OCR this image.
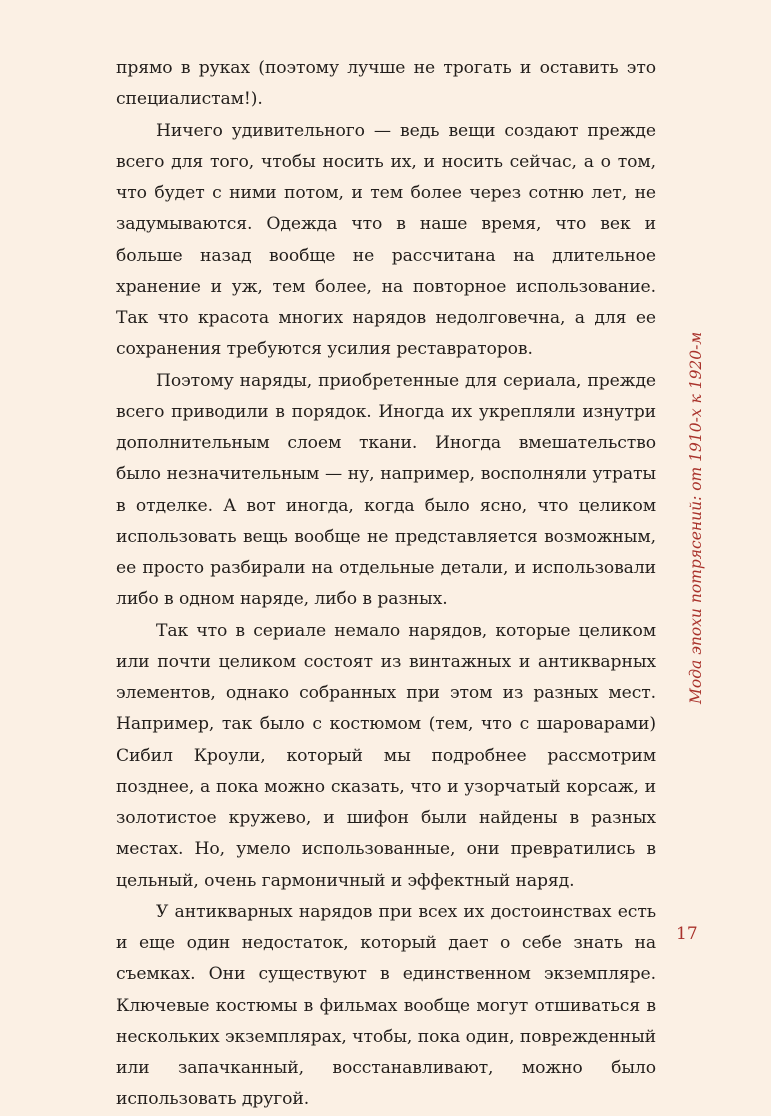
прямо в руках (поэтому лучше не трогать и оставить это специалистам!).

Ничего удивительного — ведь вещи создают прежде всего для того, чтобы носить их, и носить сейчас, а о том, что будет с ними потом, и тем более через сотню лет, не задумываются. Одежда что в наше время, что век и больше назад вообще не рассчитана на длительное хранение и уж, тем более, на повторное использование. Так что красота многих нарядов недолговечна, а для ее сохранения требуются усилия реставраторов.

Поэтому наряды, приобретенные для сериала, прежде всего приводили в порядок. Иногда их укрепляли изнутри дополнительным слоем ткани. Иногда вмешательство было незначительным — ну, например, восполняли утраты в отделке. А вот иногда, когда было ясно, что целиком использовать вещь вообще не представляется возможным, ее просто разбирали на отдельные детали, и использовали либо в одном наряде, либо в разных.

Так что в сериале немало нарядов, которые целиком или почти целиком состоят из винтажных и антикварных элементов, однако собранных при этом из разных мест. Например, так было с костюмом (тем, что с шароварами) Сибил Кроули, который мы подробнее рассмотрим позднее, а пока можно сказать, что и узорчатый корсаж, и золотистое кружево, и шифон были найдены в разных местах. Но, умело использованные, они превратились в цельный, очень гармоничный и эффектный наряд.

У антикварных нарядов при всех их достоинствах есть и еще один недостаток, который дает о себе знать на съемках. Они существуют в единственном экземпляре. Ключевые костюмы в фильмах вообще могут отшиваться в нескольких экземплярах, чтобы, пока один, поврежденный или запачканный, восстанавливают, можно было использовать другой.

Мода эпохи потрясений: от 1910-х к 1920-м
17
